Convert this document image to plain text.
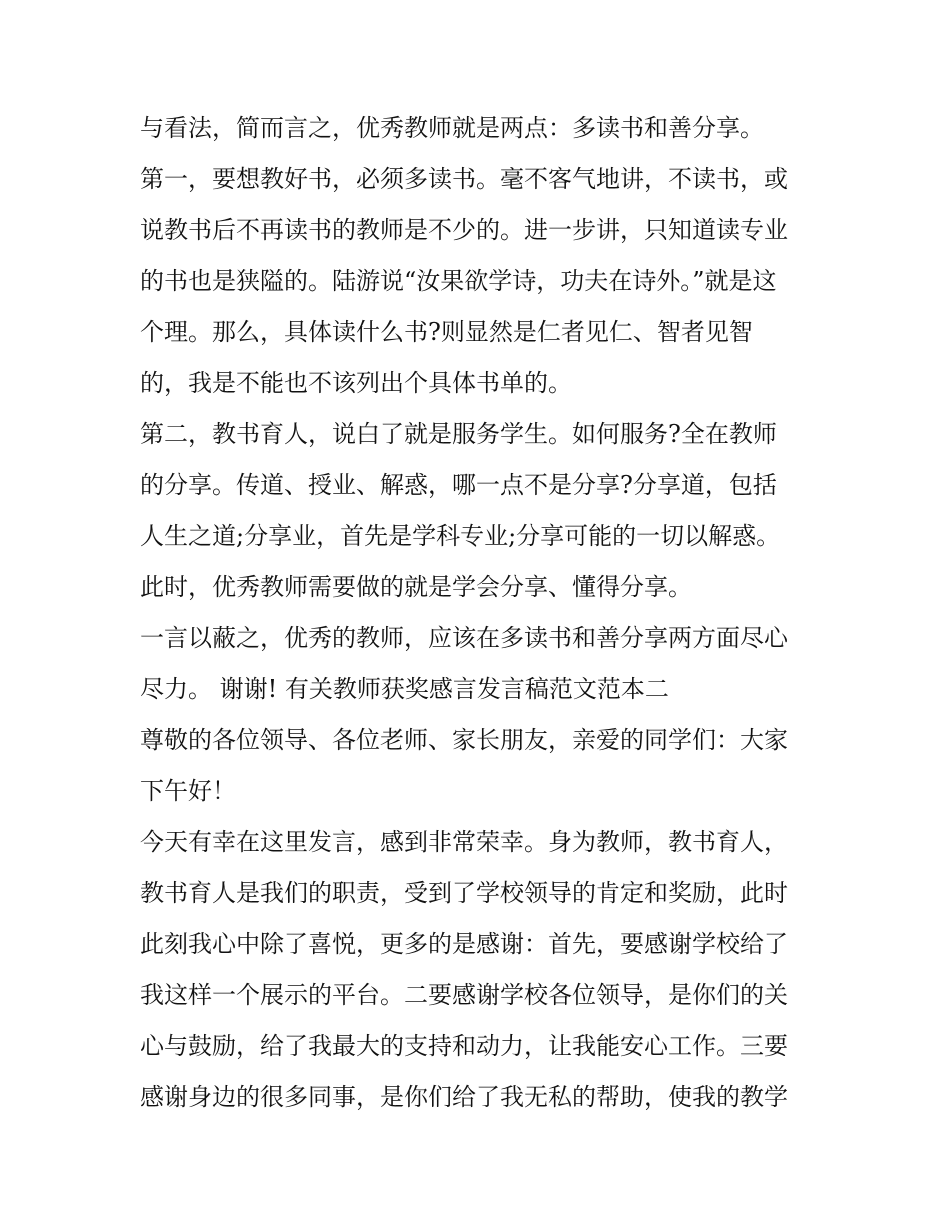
与看法，简而言之，优秀教师就是两点：多读书和善分享。
第一，要想教好书，必须多读书。毫不客气地讲，不读书，或
说教书后不再读书的教师是不少的。进一步讲，只知道读专业
的书也是狭隘的。陆游说“汝果欲学诗，功夫在诗外。”就是这
个理。那么，具体读什么书?则显然是仁者见仁、智者见智
的，我是不能也不该列出个具体书单的。
第二，教书育人，说白了就是服务学生。如何服务?全在教师
的分享。传道、授业、解惑，哪一点不是分享?分享道，包括
人生之道;分享业，首先是学科专业;分享可能的一切以解惑。
此时，优秀教师需要做的就是学会分享、懂得分享。
一言以蔽之，优秀的教师，应该在多读书和善分享两方面尽心
尽力。 谢谢! 有关教师获奖感言发言稿范文范本二
尊敬的各位领导、各位老师、家长朋友，亲爱的同学们：大家
下午好！
今天有幸在这里发言，感到非常荣幸。身为教师，教书育人，
教书育人是我们的职责，受到了学校领导的肯定和奖励，此时
此刻我心中除了喜悦，更多的是感谢：首先，要感谢学校给了
我这样一个展示的平台。二要感谢学校各位领导，是你们的关
心与鼓励，给了我最大的支持和动力，让我能安心工作。三要
感谢身边的很多同事，是你们给了我无私的帮助，使我的教学
